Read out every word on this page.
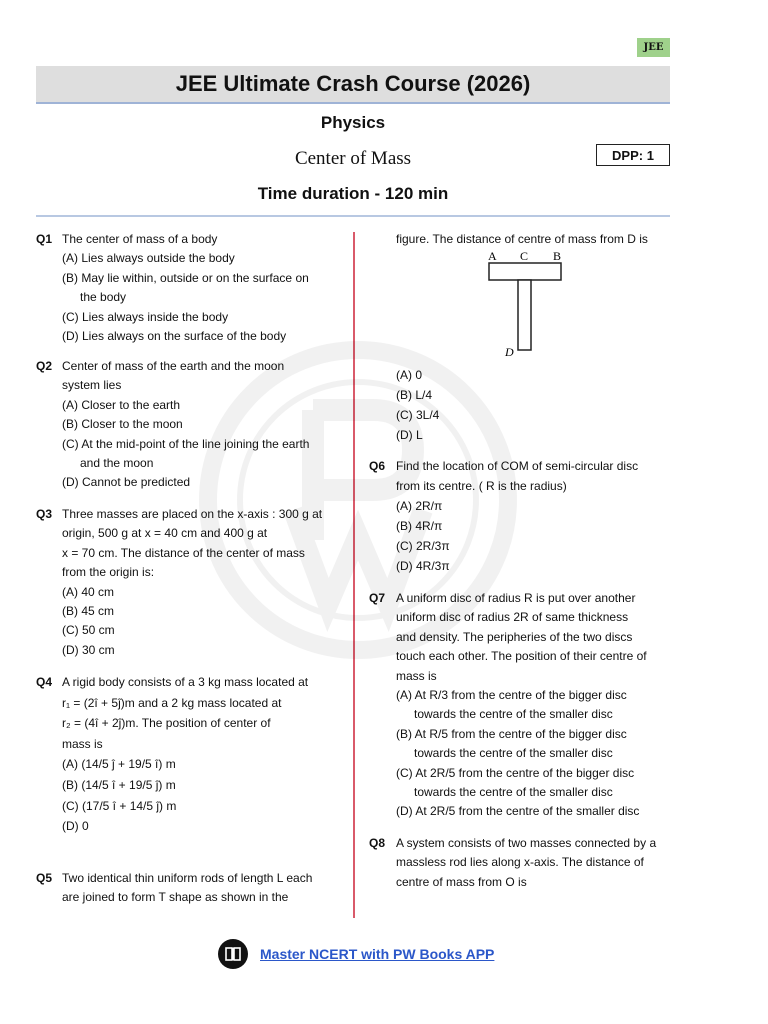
JEE
JEE Ultimate Crash Course (2026)
Physics
Center of Mass	DPP: 1
Time duration - 120 min
Q1 The center of mass of a body
(A) Lies always outside the body
(B) May lie within, outside or on the surface on
the body
(C) Lies always inside the body
(D) Lies always on the surface of the body
Q2 Center of mass of the earth and the moon
system lies
(A) Closer to the earth
(B) Closer to the moon
(C) At the mid-point of the line joining the earth
and the moon
(D) Cannot be predicted
Q3 Three masses are placed on the x-axis : 300 g at
origin, 500 g at x = 40 cm and 400 g at
x = 70 cm. The distance of the center of mass
from the origin is:
(A) 40 cm
(B) 45 cm
(C) 50 cm
(D) 30 cm
Q4 A rigid body consists of a 3 kg mass located at
r₁ = (2î + 5ĵ)m and a 2 kg mass located at
r₂ = (4î + 2ĵ)m. The position of center of
mass is
(A) (14/5 ĵ + 19/5 î) m
(B) (14/5 î + 19/5 ĵ) m
(C) (17/5 î + 14/5 ĵ) m
(D) 0
Q5 Two identical thin uniform rods of length L each
are joined to form T shape as shown in the
figure. The distance of centre of mass from D is
A C B
D
(A) 0
(B) L/4
(C) 3L/4
(D) L
Q6 Find the location of COM of semi-circular disc
from its centre. ( R is the radius)
(A) 2R/π
(B) 4R/π
(C) 2R/3π
(D) 4R/3π
Q7 A uniform disc of radius R is put over another
uniform disc of radius 2R of same thickness
and density. The peripheries of the two discs
touch each other. The position of their centre of
mass is
(A) At R/3 from the centre of the bigger disc
towards the centre of the smaller disc
(B) At R/5 from the centre of the bigger disc
towards the centre of the smaller disc
(C) At 2R/5 from the centre of the bigger disc
towards the centre of the smaller disc
(D) At 2R/5 from the centre of the smaller disc
Q8 A system consists of two masses connected by a
massless rod lies along x-axis. The distance of
centre of mass from O is
Master NCERT with PW Books APP
